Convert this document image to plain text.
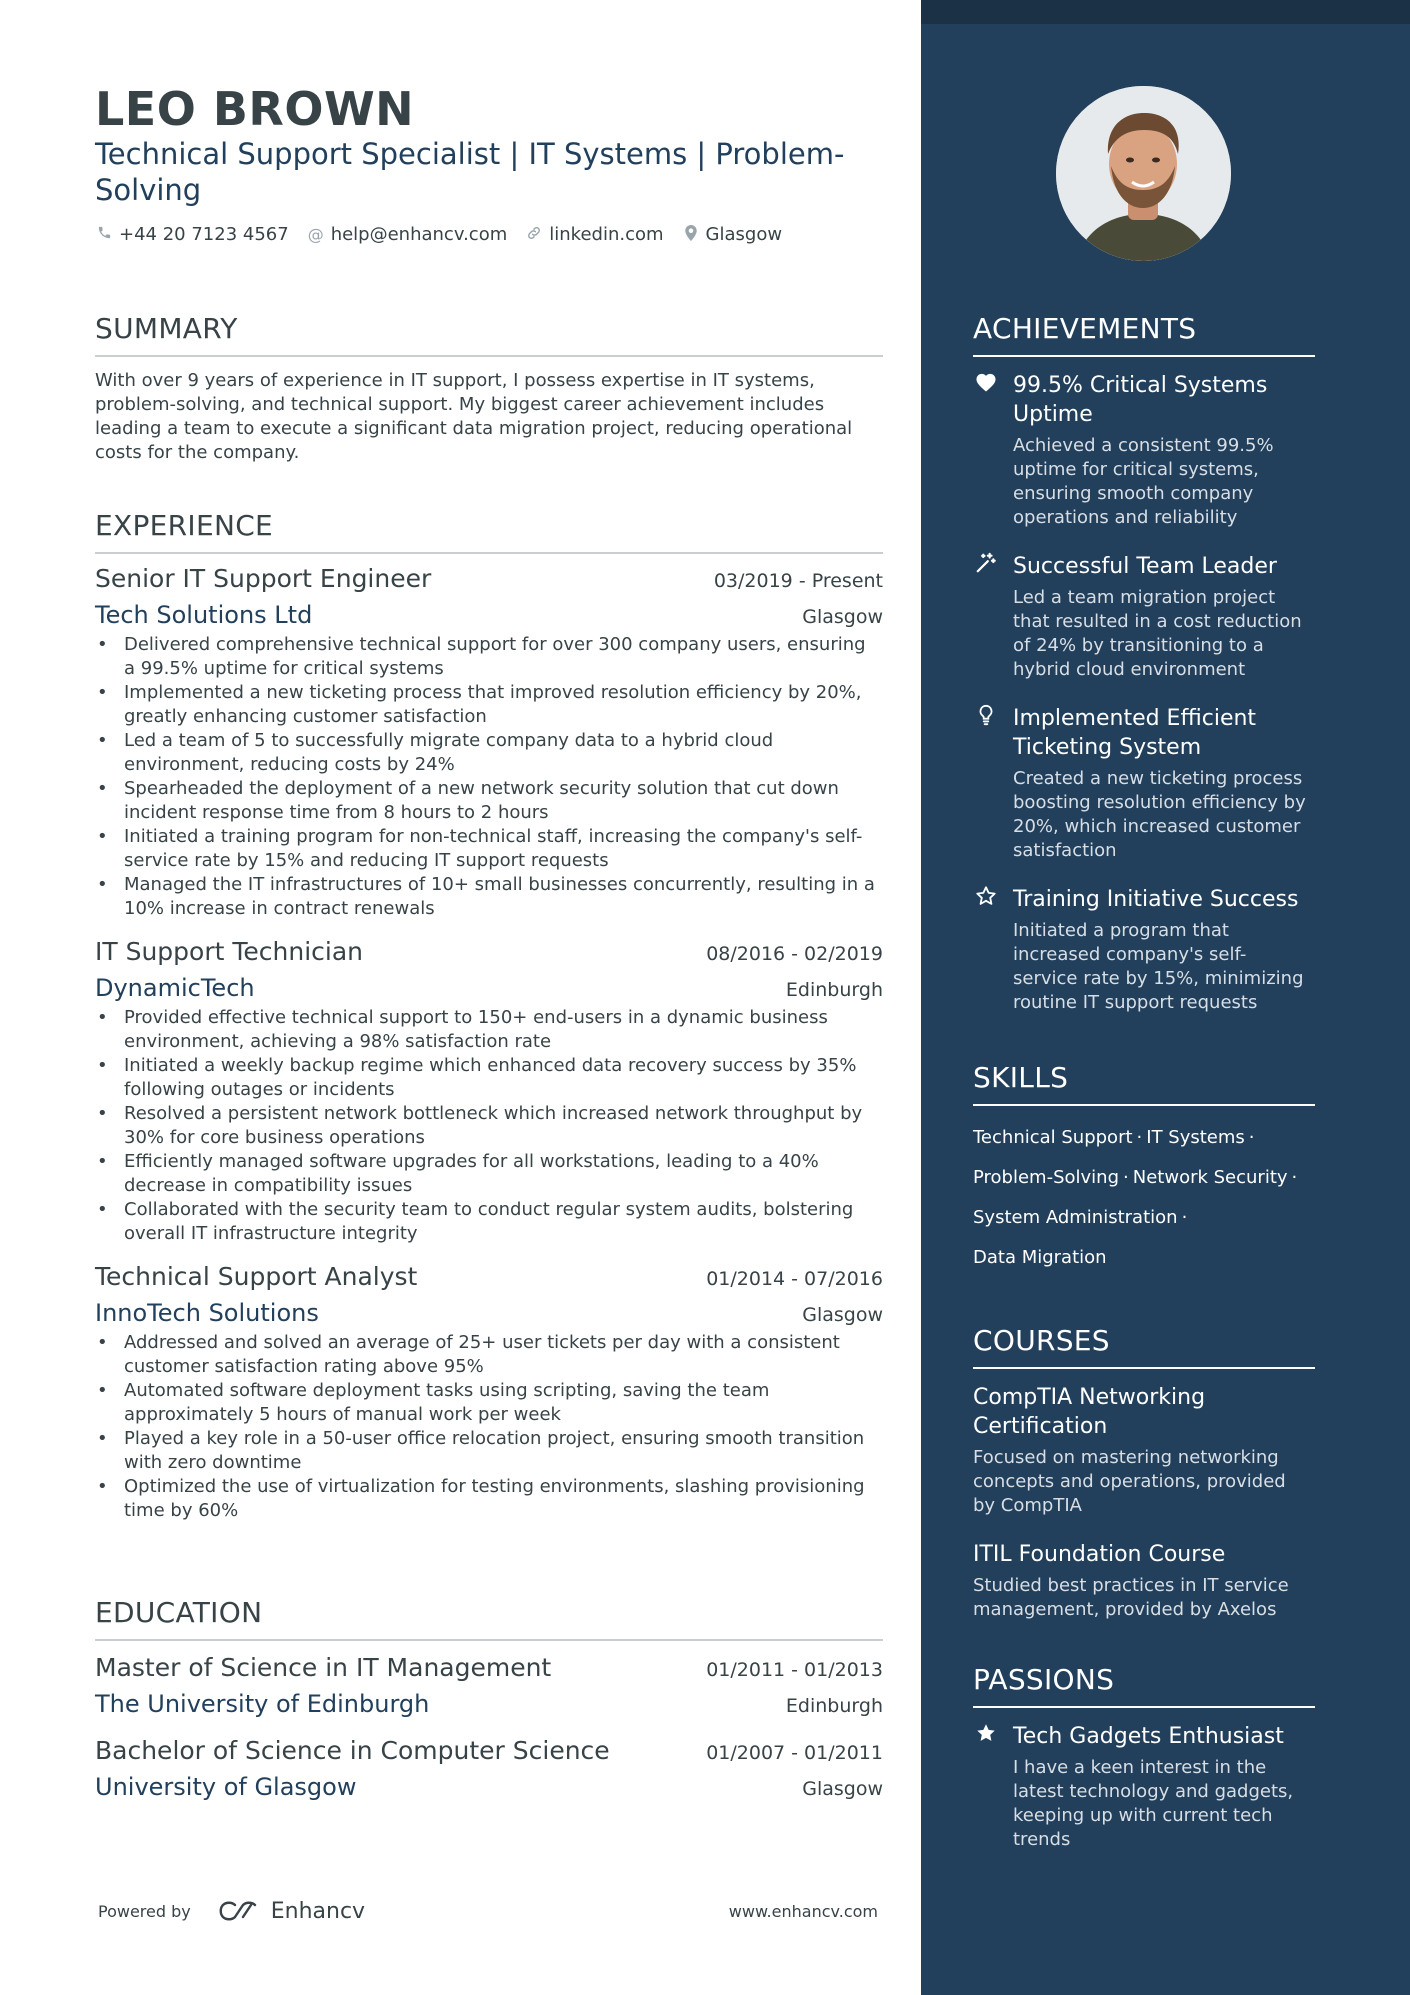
LEO BROWN
Technical Support Specialist | IT Systems | Problem-
Solving
+44 20 7123 4567 @ help@enhancv.com linkedin.com Glasgow
SUMMARY

With over 9 years of experience in IT support, I possess expertise in IT systems,
problem-solving, and technical support. My biggest career achievement includes
leading a team to execute a significant data migration project, reducing operational
costs for the company.

EXPERIENCE
Senior IT Support Engineer	03/2019 - Present
Tech Solutions Ltd	Glasgow
• Delivered comprehensive technical support for over 300 company users, ensuring
a 99.5% uptime for critical systems
• Implemented a new ticketing process that improved resolution efficiency by 20%,
greatly enhancing customer satisfaction
• Led a team of 5 to successfully migrate company data to a hybrid cloud
environment, reducing costs by 24%
• Spearheaded the deployment of a new network security solution that cut down
incident response time from 8 hours to 2 hours
• Initiated a training program for non-technical staff, increasing the company's self-
service rate by 15% and reducing IT support requests
• Managed the IT infrastructures of 10+ small businesses concurrently, resulting in a
10% increase in contract renewals
IT Support Technician	08/2016 - 02/2019
DynamicTech	Edinburgh
• Provided effective technical support to 150+ end-users in a dynamic business
environment, achieving a 98% satisfaction rate
• Initiated a weekly backup regime which enhanced data recovery success by 35%
following outages or incidents
• Resolved a persistent network bottleneck which increased network throughput by
30% for core business operations
• Efficiently managed software upgrades for all workstations, leading to a 40%
decrease in compatibility issues
• Collaborated with the security team to conduct regular system audits, bolstering
overall IT infrastructure integrity
Technical Support Analyst	01/2014 - 07/2016
InnoTech Solutions	Glasgow
• Addressed and solved an average of 25+ user tickets per day with a consistent
customer satisfaction rating above 95%
• Automated software deployment tasks using scripting, saving the team
approximately 5 hours of manual work per week
• Played a key role in a 50-user office relocation project, ensuring smooth transition
with zero downtime
• Optimized the use of virtualization for testing environments, slashing provisioning
time by 60%
EDUCATION
Master of Science in IT Management	01/2011 - 01/2013
The University of Edinburgh	Edinburgh
Bachelor of Science in Computer Science	01/2007 - 01/2011
University of Glasgow	Glasgow
Powered by	Enhancv	www.enhancv.com
ACHIEVEMENTS
99.5% Critical Systems
Uptime
Achieved a consistent 99.5%
uptime for critical systems,
ensuring smooth company
operations and reliability
Successful Team Leader
Led a team migration project
that resulted in a cost reduction
of 24% by transitioning to a
hybrid cloud environment
Implemented Efficient
Ticketing System
Created a new ticketing process
boosting resolution efficiency by
20%, which increased customer
satisfaction
Training Initiative Success
Initiated a program that
increased company's self-
service rate by 15%, minimizing
routine IT support requests
SKILLS
Technical Support · IT Systems ·
Problem-Solving · Network Security ·
System Administration ·
Data Migration
COURSES
CompTIA Networking
Certification
Focused on mastering networking
concepts and operations, provided
by CompTIA
ITIL Foundation Course
Studied best practices in IT service
management, provided by Axelos
PASSIONS
Tech Gadgets Enthusiast
I have a keen interest in the
latest technology and gadgets,
keeping up with current tech
trends
